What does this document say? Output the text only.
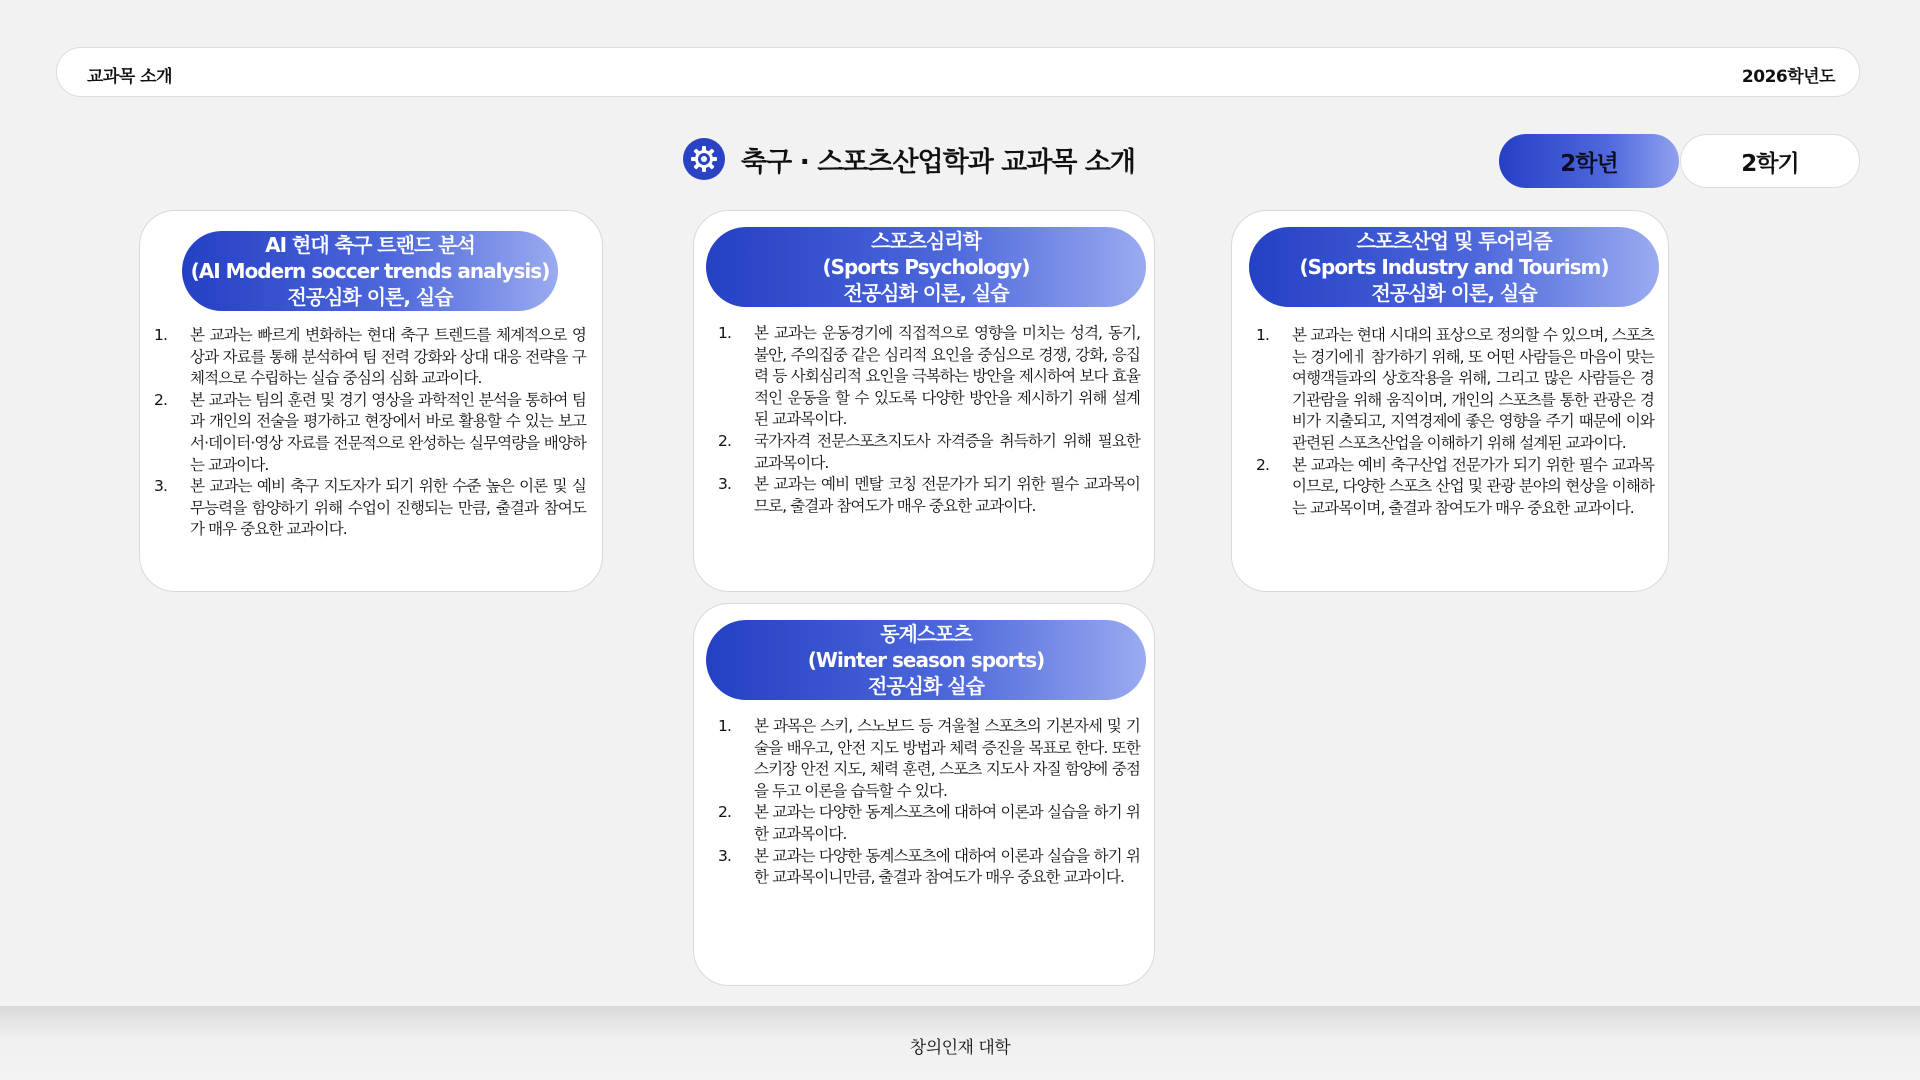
교과목 소개	2026학년도
축구 · 스포츠산업학과 교과목 소개	2학년	2학기
AI 현대 축구 트랜드 분석
(AI Modern soccer trends analysis)
전공심화 이론, 실습
본 교과는 빠르게 변화하는 현대 축구 트렌드를 체계적으로 영상과 자료를 통해 분석하여 팀 전력 강화와 상대 대응 전략을 구체적으로 수립하는 실습 중심의 심화 교과이다.
본 교과는 팀의 훈련 및 경기 영상을 과학적인 분석을 통하여 팀과 개인의 전술을 평가하고 현장에서 바로 활용할 수 있는 보고서·데이터·영상 자료를 전문적으로 완성하는 실무역량을 배양하는 교과이다.
본 교과는 예비 축구 지도자가 되기 위한 수준 높은 이론 및 실무능력을 함양하기 위해 수업이 진행되는 만큼, 출결과 참여도가 매우 중요한 교과이다.
스포츠심리학
(Sports Psychology)
전공심화 이론, 실습
본 교과는 운동경기에 직접적으로 영향을 미치는 성격, 동기, 불안, 주의집중 같은 심리적 요인을 중심으로 경쟁, 강화, 응집력 등 사회심리적 요인을 극복하는 방안을 제시하여 보다 효율적인 운동을 할 수 있도록 다양한 방안을 제시하기 위해 설계된 교과목이다.
국가자격 전문스포츠지도사 자격증을 취득하기 위해 필요한 교과목이다.
본 교과는 예비 멘탈 코칭 전문가가 되기 위한 필수 교과목이므로, 출결과 참여도가 매우 중요한 교과이다.
스포츠산업 및 투어리즘
(Sports Industry and Tourism)
전공심화 이론, 실습
본 교과는 현대 시대의 표상으로 정의할 수 있으며, 스포츠는 경기에ㅔ 참가하기 위해, 또 어떤 사람들은 마음이 맞는 여행객들과의 상호작용을 위해, 그리고 많은 사람들은 경기관람을 위해 움직이며, 개인의 스포츠를 통한 관광은 경비가 지출되고, 지역경제에 좋은 영향을 주기 때문에 이와 관련된 스포츠산업을 이해하기 위해 설계된 교과이다.
본 교과는 예비 축구산업 전문가가 되기 위한 필수 교과목이므로, 다양한 스포츠 산업 및 관광 분야의 현상을 이해하는 교과목이며, 출결과 참여도가 매우 중요한 교과이다.
동계스포츠
(Winter season sports)
전공심화 실습
본 과목은 스키, 스노보드 등 겨울철 스포츠의 기본자세 및 기술을 배우고, 안전 지도 방법과 체력 증진을 목표로 한다. 또한 스키장 안전 지도, 체력 훈련, 스포츠 지도사 자질 함양에 중점을 두고 이론을 습득할 수 있다.
본 교과는 다양한 동계스포츠에 대하여 이론과 실습을 하기 위한 교과목이다.
본 교과는 다양한 동계스포츠에 대하여 이론과 실습을 하기 위한 교과목이니만큼, 출결과 참여도가 매우 중요한 교과이다.
창의인재 대학
